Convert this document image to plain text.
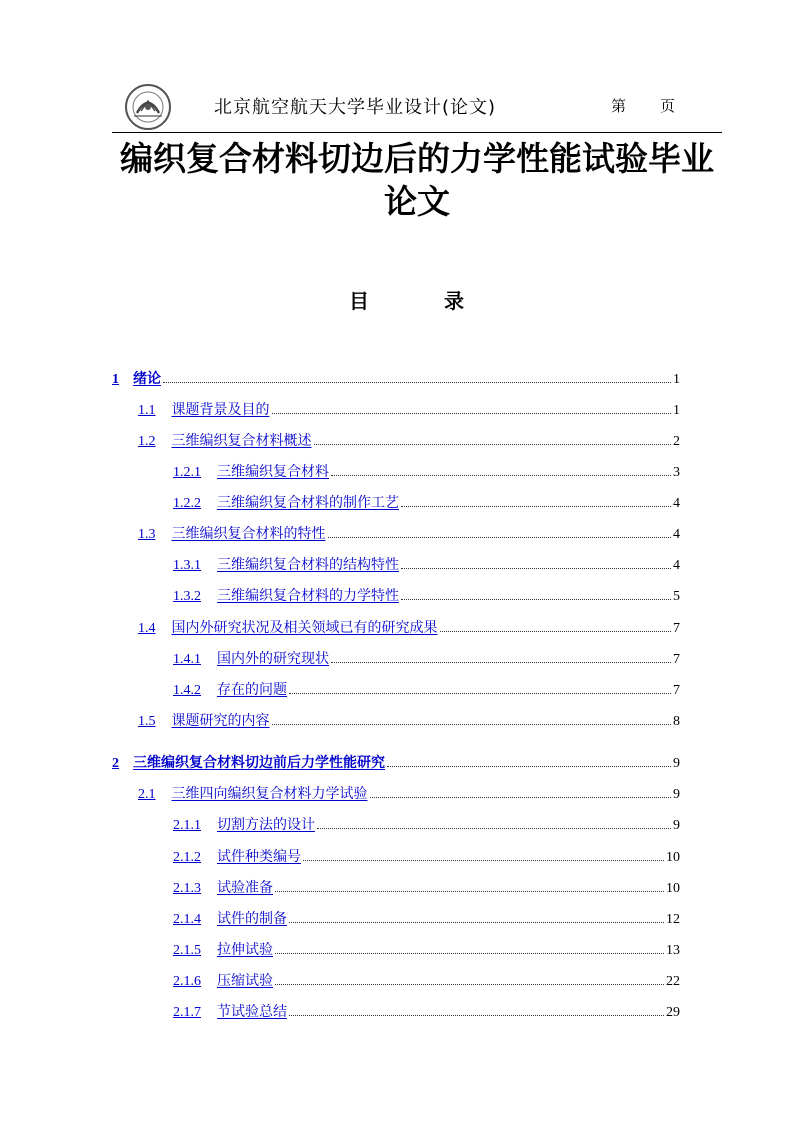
北京航空航天大学毕业设计(论文)	第 页
编织复合材料切边后的力学性能试验毕业
论文
目	录
1 绪论	1
1.1 课题背景及目的	1
1.2 三维编织复合材料概述	2
1.2.1 三维编织复合材料	3
1.2.2 三维编织复合材料的制作工艺	4
1.3 三维编织复合材料的特性	4
1.3.1 三维编织复合材料的结构特性	4
1.3.2 三维编织复合材料的力学特性	5
1.4 国内外研究状况及相关领域已有的研究成果	7
1.4.1 国内外的研究现状	7
1.4.2 存在的问题	7
1.5 课题研究的内容	8
2 三维编织复合材料切边前后力学性能研究	9
2.1 三维四向编织复合材料力学试验	9
2.1.1 切割方法的设计	9
2.1.2 试件种类编号	10
2.1.3 试验准备	10
2.1.4 试件的制备	12
2.1.5 拉伸试验	13
2.1.6 压缩试验	22
2.1.7 节试验总结	29
